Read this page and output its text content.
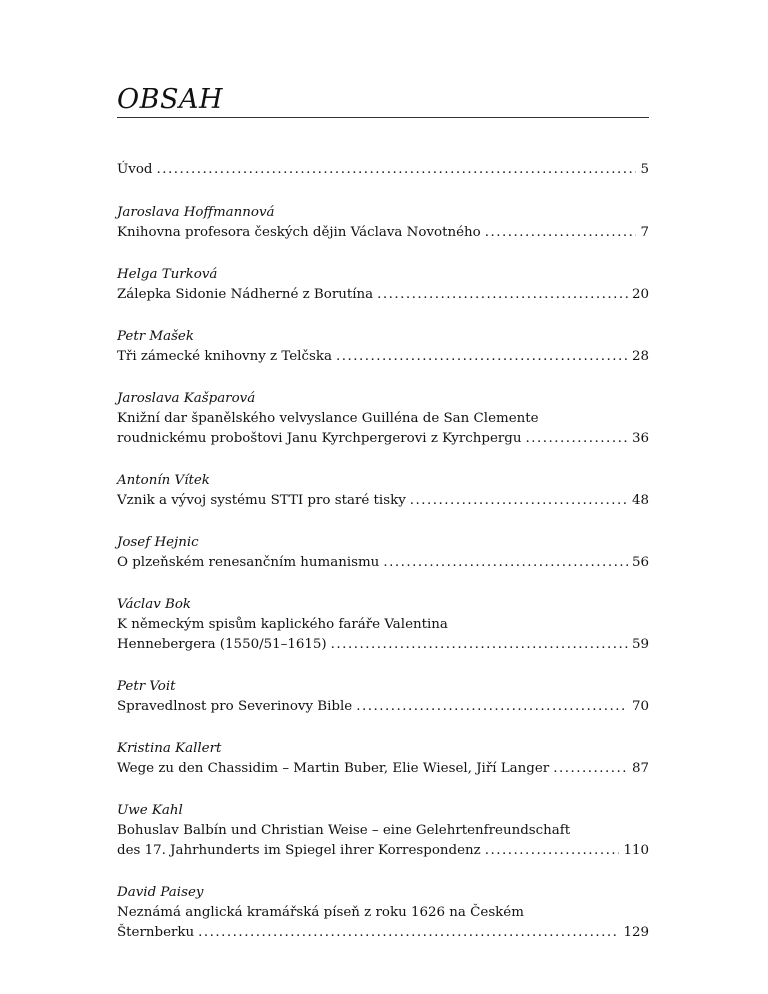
OBSAH
Úvod .....	5
Jaroslava Hoffmannová
Knihovna profesora českých dějin Václava Novotného .....	7
Helga Turková
Zálepka Sidonie Nádherné z Borutína .....	20
Petr Mašek
Tři zámecké knihovny z Telčska .....	28
Jaroslava Kašparová
Knižní dar španělského velvyslance Guilléna de San Clemente
roudnickému proboštovi Janu Kyrchpergerovi z Kyrchpergu .....	36
Antonín Vítek
Vznik a vývoj systému STTI pro staré tisky .....	48
Josef Hejnic
O plzeňském renesančním humanismu .....	56
Václav Bok
K německým spisům kaplického faráře Valentina
Hennebergera (1550/51–1615) .....	59
Petr Voit
Spravedlnost pro Severinovy Bible .....	70
Kristina Kallert
Wege zu den Chassidim – Martin Buber, Elie Wiesel, Jiří Langer .....	87
Uwe Kahl
Bohuslav Balbín und Christian Weise – eine Gelehrtenfreundschaft
des 17. Jahrhunderts im Spiegel ihrer Korrespondenz .....	110
David Paisey
Neznámá anglická kramářská píseň z roku 1626 na Českém
Šternberku .....	129
